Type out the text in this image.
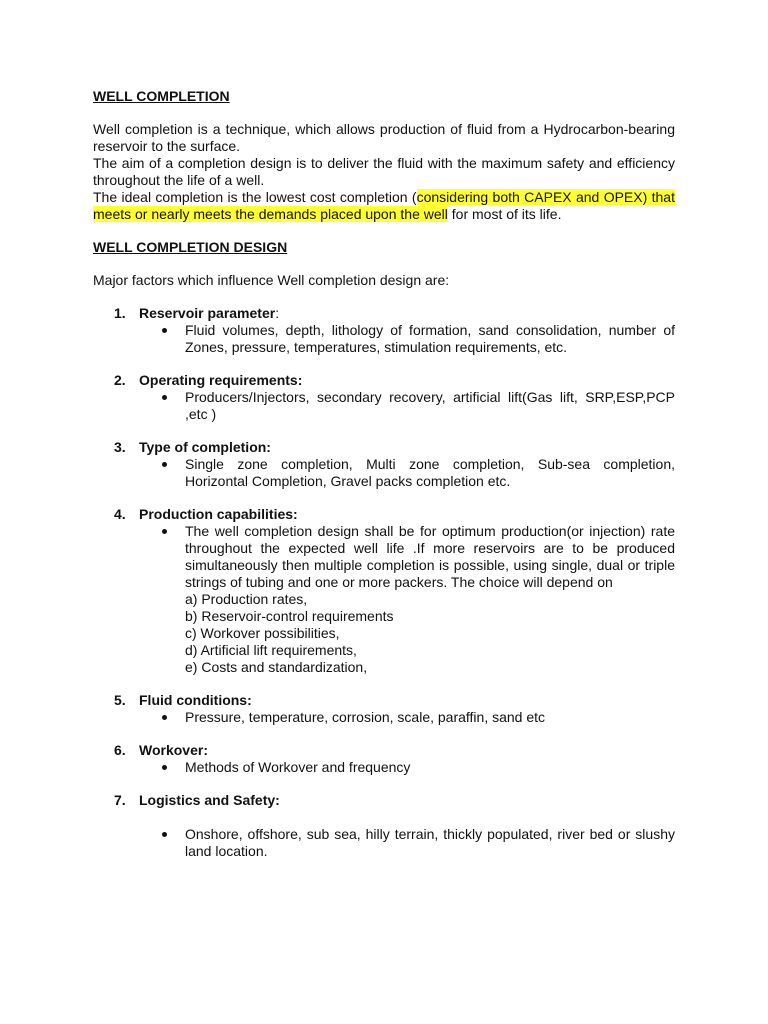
WELL COMPLETION

Well completion is a technique, which allows production of fluid from a Hydrocarbon-bearing reservoir to the surface.

The aim of a completion design is to deliver the fluid with the maximum safety and efficiency throughout the life of a well.

The ideal completion is the lowest cost completion (considering both CAPEX and OPEX) that meets or nearly meets the demands placed upon the well for most of its life.

WELL COMPLETION DESIGN

Major factors which influence Well completion design are:

1. Reservoir parameter:
Fluid volumes, depth, lithology of formation, sand consolidation, number of Zones, pressure, temperatures, stimulation requirements, etc.
2. Operating requirements:
Producers/Injectors, secondary recovery, artificial lift(Gas lift, SRP,ESP,PCP ,etc )
3. Type of completion:
Single zone completion, Multi zone completion, Sub-sea completion, Horizontal Completion, Gravel packs completion etc.
4. Production capabilities:
The well completion design shall be for optimum production(or injection) rate throughout the expected well life .If more reservoirs are to be produced simultaneously then multiple completion is possible, using single, dual or triple strings of tubing and one or more packers. The choice will depend on
a) Production rates,
b) Reservoir-control requirements
c) Workover possibilities,
d) Artificial lift requirements,
e) Costs and standardization,
5. Fluid conditions:
Pressure, temperature, corrosion, scale, paraffin, sand etc
6. Workover:
Methods of Workover and frequency
7. Logistics and Safety:
Onshore, offshore, sub sea, hilly terrain, thickly populated, river bed or slushy land location.
